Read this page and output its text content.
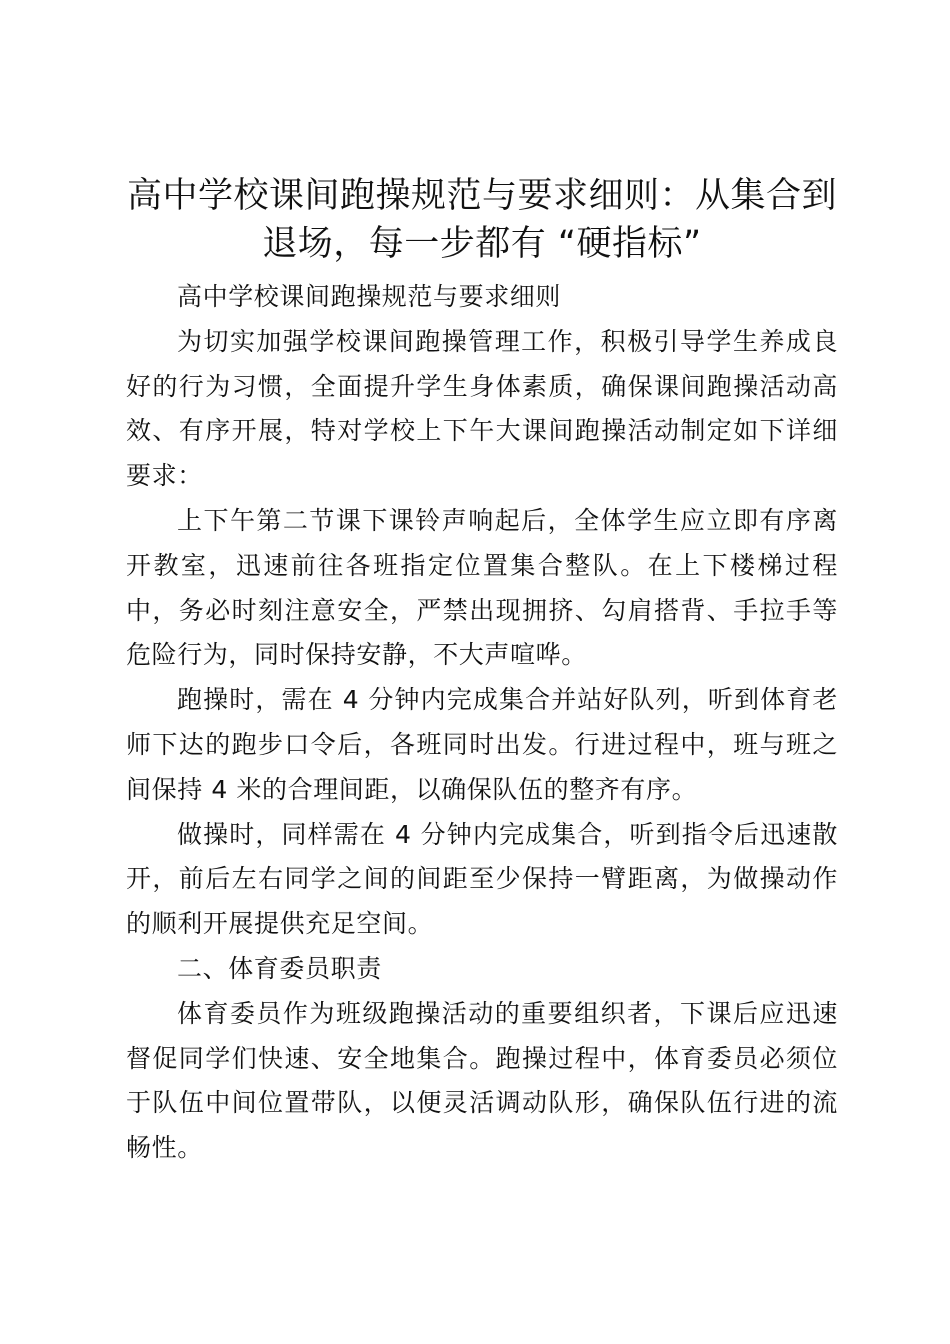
高中学校课间跑操规范与要求细则：从集合到
退场，每一步都有 “硬指标”

高中学校课间跑操规范与要求细则

为切实加强学校课间跑操管理工作，积极引导学生养成良好的行为习惯，全面提升学生身体素质，确保课间跑操活动高效、有序开展，特对学校上下午大课间跑操活动制定如下详细要求：

上下午第二节课下课铃声响起后，全体学生应立即有序离开教室，迅速前往各班指定位置集合整队。在上下楼梯过程中，务必时刻注意安全，严禁出现拥挤、勾肩搭背、手拉手等危险行为，同时保持安静，不大声喧哗。

跑操时，需在 4 分钟内完成集合并站好队列，听到体育老师下达的跑步口令后，各班同时出发。行进过程中，班与班之间保持 4 米的合理间距，以确保队伍的整齐有序。

做操时，同样需在 4 分钟内完成集合，听到指令后迅速散开，前后左右同学之间的间距至少保持一臂距离，为做操动作的顺利开展提供充足空间。

二、体育委员职责

体育委员作为班级跑操活动的重要组织者，下课后应迅速督促同学们快速、安全地集合。跑操过程中，体育委员必须位于队伍中间位置带队，以便灵活调动队形，确保队伍行进的流畅性。
